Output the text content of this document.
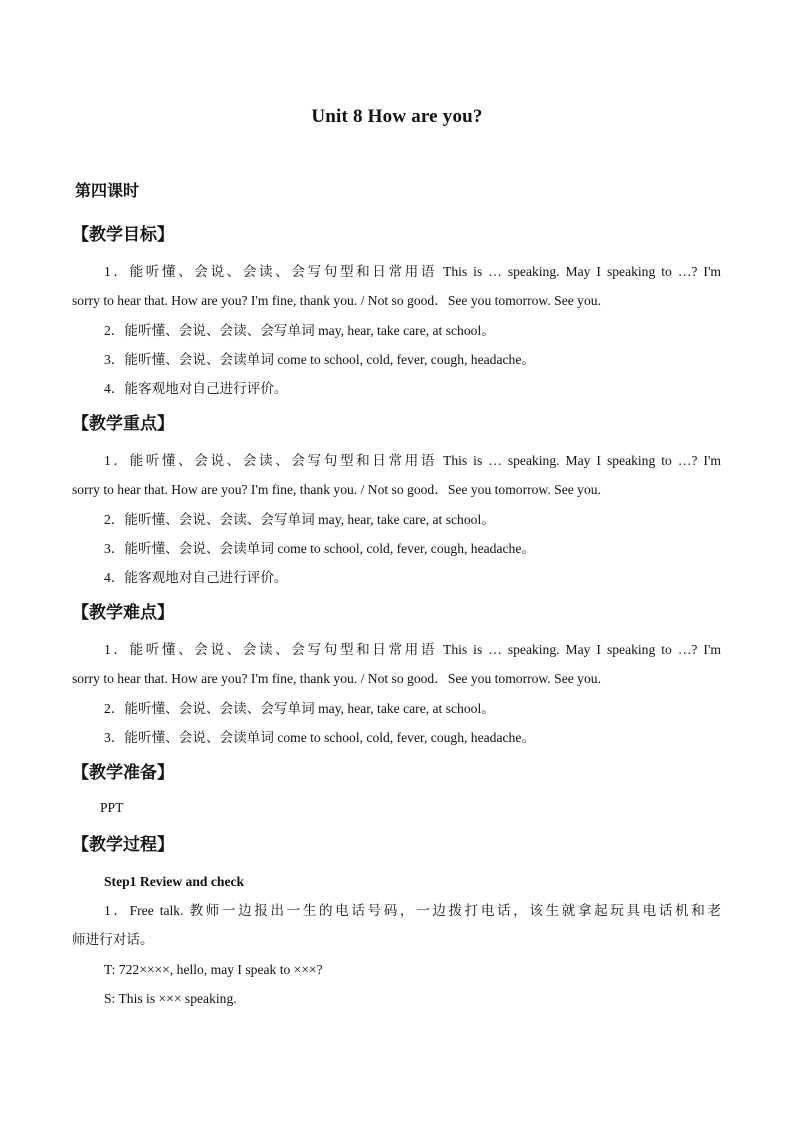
Unit 8 How are you?
第四课时
【教学目标】
1．能听懂、会说、会读、会写句型和日常用语 This is … speaking. May I speaking to …? I'm
sorry to hear that. How are you? I'm fine, thank you. / Not so good．See you tomorrow. See you.
2．能听懂、会说、会读、会写单词 may, hear, take care, at school。
3．能听懂、会说、会读单词 come to school, cold, fever, cough, headache。
4．能客观地对自己进行评价。
【教学重点】
1．能听懂、会说、会读、会写句型和日常用语 This is … speaking. May I speaking to …? I'm
sorry to hear that. How are you? I'm fine, thank you. / Not so good．See you tomorrow. See you.
2．能听懂、会说、会读、会写单词 may, hear, take care, at school。
3．能听懂、会说、会读单词 come to school, cold, fever, cough, headache。
4．能客观地对自己进行评价。
【教学难点】
1．能听懂、会说、会读、会写句型和日常用语 This is … speaking. May I speaking to …? I'm
sorry to hear that. How are you? I'm fine, thank you. / Not so good．See you tomorrow. See you.
2．能听懂、会说、会读、会写单词 may, hear, take care, at school。
3．能听懂、会说、会读单词 come to school, cold, fever, cough, headache。
【教学准备】
PPT
【教学过程】
Step1 Review and check
1．Free talk. 教师一边报出一生的电话号码，一边拨打电话，该生就拿起玩具电话机和老
师进行对话。
T: 722××××, hello, may I speak to ×××?
S: This is ××× speaking.
